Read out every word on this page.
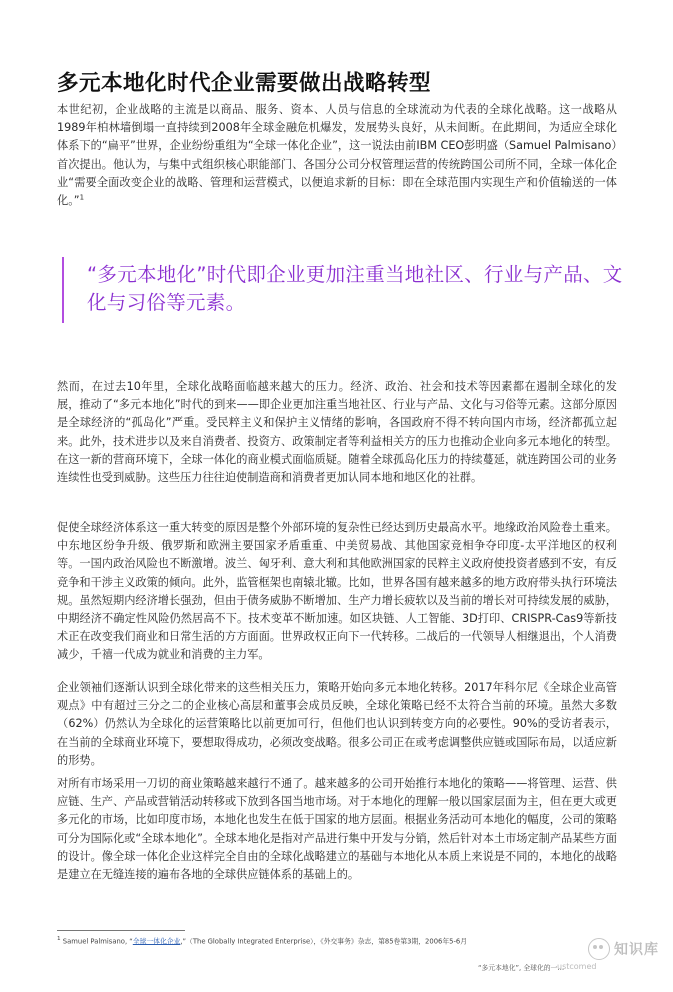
多元本地化时代企业需要做出战略转型

本世纪初，企业战略的主流是以商品、服务、资本、人员与信息的全球流动为代表的全球化战略。这一战略从1989年柏林墙倒塌一直持续到2008年全球金融危机爆发，发展势头良好，从未间断。在此期间，为适应全球化体系下的“扁平”世界，企业纷纷重组为“全球一体化企业”，这一说法由前IBM CEO彭明盛（Samuel Palmisano）首次提出。他认为，与集中式组织核心职能部门、各国分公司分权管理运营的传统跨国公司所不同，全球一体化企业“需要全面改变企业的战略、管理和运营模式，以便追求新的目标：即在全球范围内实现生产和价值输送的一体化。”$^1$

“多元本地化”时代即企业更加注重当地社区、行业与产品、文化与习俗等元素。

然而，在过去10年里，全球化战略面临越来越大的压力。经济、政治、社会和技术等因素都在遏制全球化的发展，推动了“多元本地化”时代的到来——即企业更加注重当地社区、行业与产品、文化与习俗等元素。这部分原因是全球经济的“孤岛化”严重。受民粹主义和保护主义情绪的影响，各国政府不得不转向国内市场，经济都孤立起来。此外，技术进步以及来自消费者、投资方、政策制定者等利益相关方的压力也推动企业向多元本地化的转型。在这一新的营商环境下，全球一体化的商业模式面临质疑。随着全球孤岛化压力的持续蔓延，就连跨国公司的业务连续性也受到威胁。这些压力往往迫使制造商和消费者更加认同本地和地区化的社群。

促使全球经济体系这一重大转变的原因是整个外部环境的复杂性已经达到历史最高水平。地缘政治风险卷土重来。中东地区纷争升级、俄罗斯和欧洲主要国家矛盾重重、中美贸易战、其他国家竞相争夺印度-太平洋地区的权利等。一国内政治风险也不断激增。波兰、匈牙利、意大利和其他欧洲国家的民粹主义政府使投资者感到不安，有反竞争和干涉主义政策的倾向。此外，监管框架也南辕北辙。比如，世界各国有越来越多的地方政府带头执行环境法规。虽然短期内经济增长强劲，但由于债务威胁不断增加、生产力增长疲软以及当前的增长对可持续发展的威胁，中期经济不确定性风险仍然居高不下。技术变革不断加速。如区块链、人工智能、3D打印、CRISPR-Cas9等新技术正在改变我们商业和日常生活的方方面面。世界政权正向下一代转移。二战后的一代领导人相继退出，个人消费减少，千禧一代成为就业和消费的主力军。

企业领袖们逐渐认识到全球化带来的这些相关压力，策略开始向多元本地化转移。2017年科尔尼《全球企业高管观点》中有超过三分之二的企业核心高层和董事会成员反映，全球化策略已经不太符合当前的环境。虽然大多数（62%）仍然认为全球化的运营策略比以前更加可行，但他们也认识到转变方向的必要性。90%的受访者表示，在当前的全球商业环境下，要想取得成功，必须改变战略。很多公司正在或考虑调整供应链或国际布局，以适应新的形势。

对所有市场采用一刀切的商业策略越来越行不通了。越来越多的公司开始推行本地化的策略——将管理、运营、供应链、生产、产品或营销活动转移或下放到各国当地市场。对于本地化的理解一般以国家层面为主，但在更大或更多元化的市场，比如印度市场，本地化也发生在低于国家的地方层面。根据业务活动可本地化的幅度，公司的策略可分为国际化或“全球本地化”。全球本地化是指对产品进行集中开发与分销，然后针对本土市场定制产品某些方面的设计。像全球一体化企业这样完全自由的全球化战略建立的基础与本地化从本质上来说是不同的，本地化的战略是建立在无缝连接的遍布各地的全球供应链体系的基础上的。

$^1$ Samuel Palmisano, “全球一体化企业,”（The Globally Integrated Enterprise），《外交事务》杂志，第85卷第3期，2006年5-6月
知识库
“多元本地化”, 全球化的一…
ustcomed
